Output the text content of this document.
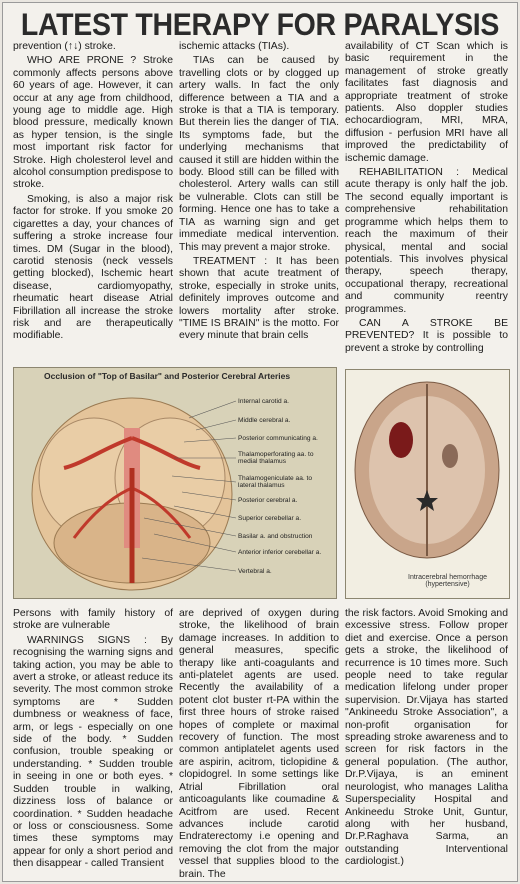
LATEST THERAPY FOR PARALYSIS

prevention (↑↓) stroke.

WHO ARE PRONE ? Stroke commonly affects persons above 60 years of age. However, it can occur at any age from childhood, young age to middle age. High blood pressure, medically known as hyper tension, is the single most important risk factor for Stroke. High cholesterol level and alcohol consumption predispose to stroke.

Smoking, is also a major risk factor for stroke. If you smoke 20 cigarettes a day, your chances of suffering a stroke increase four times. DM (Sugar in the blood), carotid stenosis (neck vessels getting blocked), Ischemic heart disease, cardiomyopathy, rheumatic heart disease Atrial Fibrillation all increase the stroke risk and are therapeutically modifiable.

ischemic attacks (TIAs).

TIAs can be caused by travelling clots or by clogged up artery walls. In fact the only difference between a TIA and a stroke is that a TIA is temporary. But therein lies the danger of TIA. Its symptoms fade, but the underlying mechanisms that caused it still are hidden within the body. Blood still can be filled with cholesterol. Artery walls can still be vulnerable. Clots can still be forming. Hence one has to take a TIA as warning sign and get immediate medical intervention. This may prevent a major stroke.

TREATMENT : It has been shown that acute treatment of stroke, especially in stroke units, definitely improves outcome and lowers mortality after stroke. "TIME IS BRAIN" is the motto. For every minute that brain cells

availability of CT Scan which is basic requirement in the management of stroke greatly facilitates fast diagnosis and appropriate treatment of stroke patients. Also doppler studies echocardiogram, MRI, MRA, diffusion - perfusion MRI have all improved the predictability of ischemic damage.

REHABILITATION : Medical acute therapy is only half the job. The second equally important is comprehensive rehabilitation programme which helps them to reach the maximum of their physical, mental and social potentials. This involves physical therapy, speech therapy, occupational therapy, recreational and community reentry programmes.

CAN A STROKE BE PREVENTED? It is possible to prevent a stroke by controlling

Occlusion of "Top of Basilar" and Posterior Cerebral Arteries
Internal carotid a.
Middle cerebral a.
Posterior communicating a.
Thalamoperforating aa. to medial thalamus
Thalamogeniculate aa. to lateral thalamus
Posterior cerebral a.
Superior cerebellar a.
Basilar a. and obstruction
Anterior inferior cerebellar a.
Vertebral a.
Intracerebral hemorrhage (hypertensive)

Persons with family history of stroke are vulnerable

WARNINGS SIGNS : By recognising the warning signs and taking action, you may be able to avert a stroke, or atleast reduce its severity. The most common stroke symptoms are * Sudden dumbness or weakness of face, arm, or legs - especially on one side of the body. * Sudden confusion, trouble speaking or understanding. * Sudden trouble in seeing in one or both eyes. * Sudden trouble in walking, dizziness loss of balance or coordination. * Sudden headache or loss or consciousness. Some times these symptoms may appear for only a short period and then disappear - called Transient

are deprived of oxygen during stroke, the likelihood of brain damage increases. In addition to general measures, specific therapy like anti-coagulants and anti-platelet agents are used. Recently the availability of a potent clot buster rt-PA within the first three hours of stroke raised hopes of complete or maximal recovery of function. The most common antiplatelet agents used are aspirin, acitrom, ticlopidine & clopidogrel. In some settings like Atrial Fibrillation oral anticoagulants like coumadine & Acitfrom are used. Recent advances include carotid Endraterectomy i.e opening and removing the clot from the major vessel that supplies blood to the brain. The

the risk factors. Avoid Smoking and excessive stress. Follow proper diet and exercise. Once a person gets a stroke, the likelihood of recurrence is 10 times more. Such people need to take regular medication lifelong under proper supervision. Dr.Vijaya has started "Ankineedu Stroke Association", a non-profit organisation for spreading stroke awareness and to screen for risk factors in the general population. (The author, Dr.P.Vijaya, is an eminent neurologist, who manages Lalitha Superspeciality Hospital and Ankineedu Stroke Unit, Guntur, along with her husband, Dr.P.Raghava Sarma, an outstanding Interventional cardiologist.)
